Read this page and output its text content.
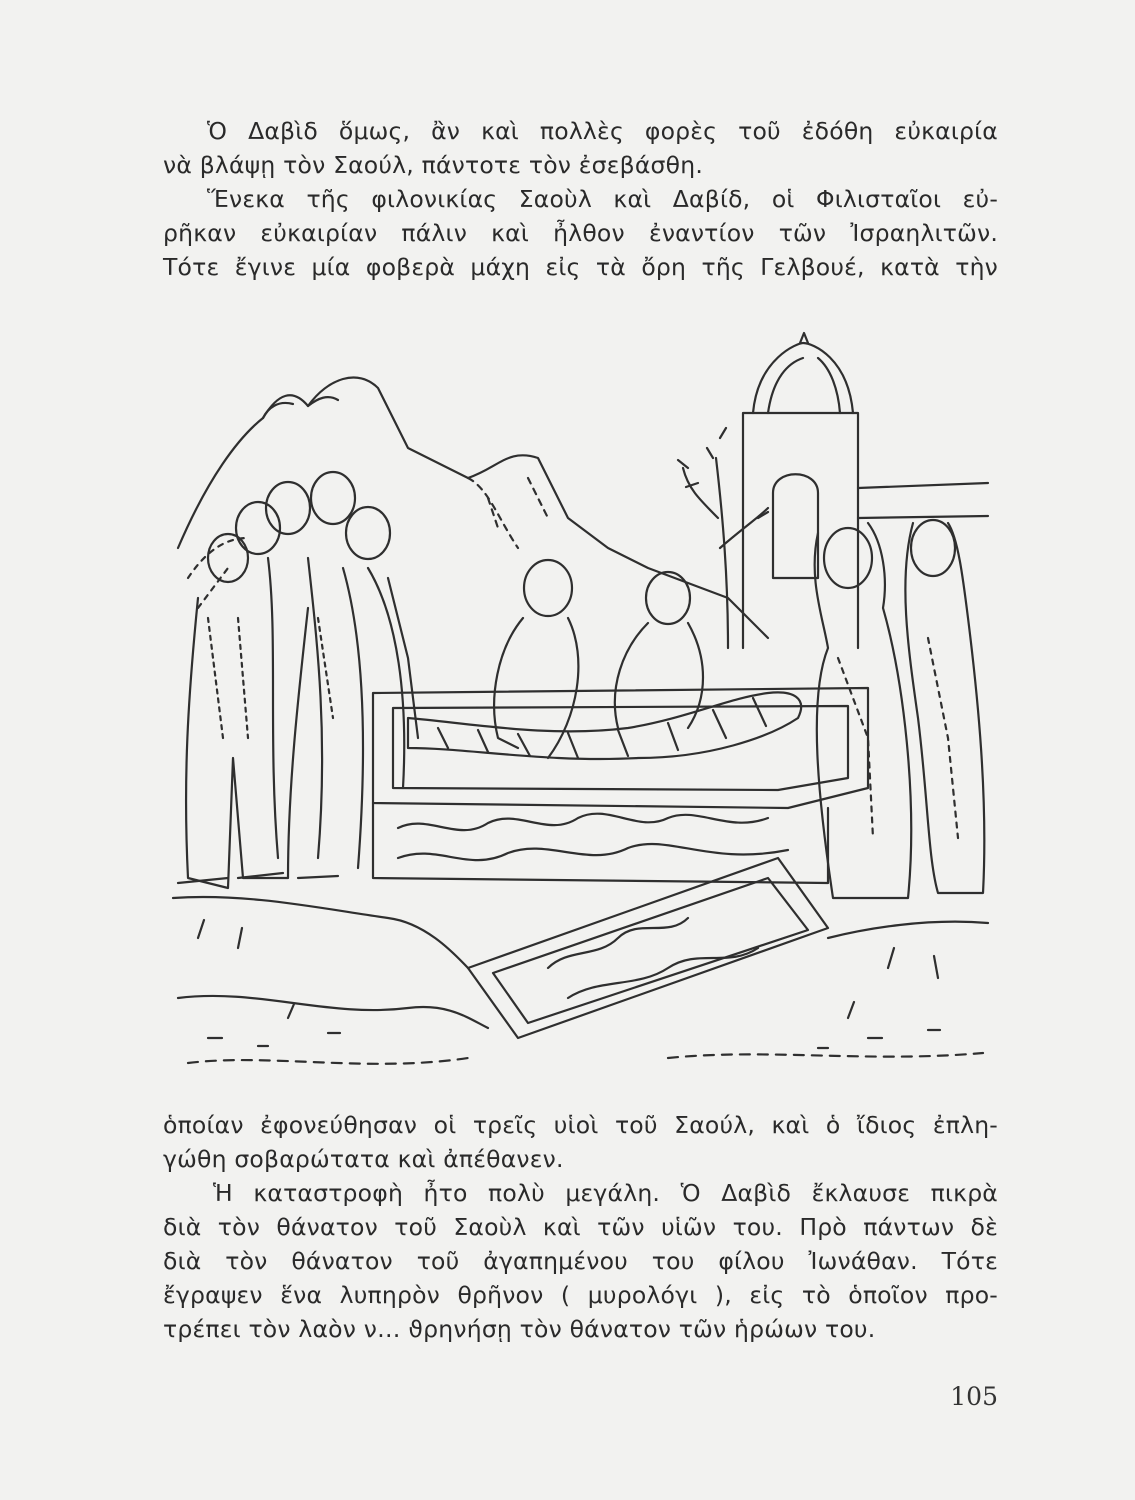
Ὁ Δαβὶδ ὅμως, ἂν καὶ πολλὲς φορὲς τοῦ ἐδόθη εὐκαιρία
νὰ βλάψῃ τὸν Σαούλ, πάντοτε τὸν ἐσεβάσθη.
Ἕνεκα τῆς φιλονικίας Σαοὺλ καὶ Δαβίδ, οἱ Φιλισταῖοι εὐ-
ρῆκαν εὐκαιρίαν πάλιν καὶ ἦλθον ἐναντίον τῶν Ἰσραηλιτῶν.
Τότε ἔγινε μία φοβερὰ μάχη εἰς τὰ ὄρη τῆς Γελβουέ, κατὰ τὴν
ὁποίαν ἐφονεύθησαν οἱ τρεῖς υἱοὶ τοῦ Σαούλ, καὶ ὁ ἴδιος ἐπλη-
γώθη σοβαρώτατα καὶ ἀπέθανεν.
Ἡ καταστροφὴ ἦτο πολὺ μεγάλη. Ὁ Δαβὶδ ἔκλαυσε πικρὰ
διὰ τὸν θάνατον τοῦ Σαοὺλ καὶ τῶν υἱῶν του. Πρὸ πάντων δὲ
διὰ τὸν θάνατον τοῦ ἀγαπημένου του φίλου Ἰωνάθαν. Τότε
ἔγραψεν ἕνα λυπηρὸν θρῆνον ( μυρολόγι ), εἰς τὸ ὁποῖον προ-
τρέπει τὸν λαὸν ν… ϑρηνήσῃ τὸν θάνατον τῶν ἡρώων του.
105
